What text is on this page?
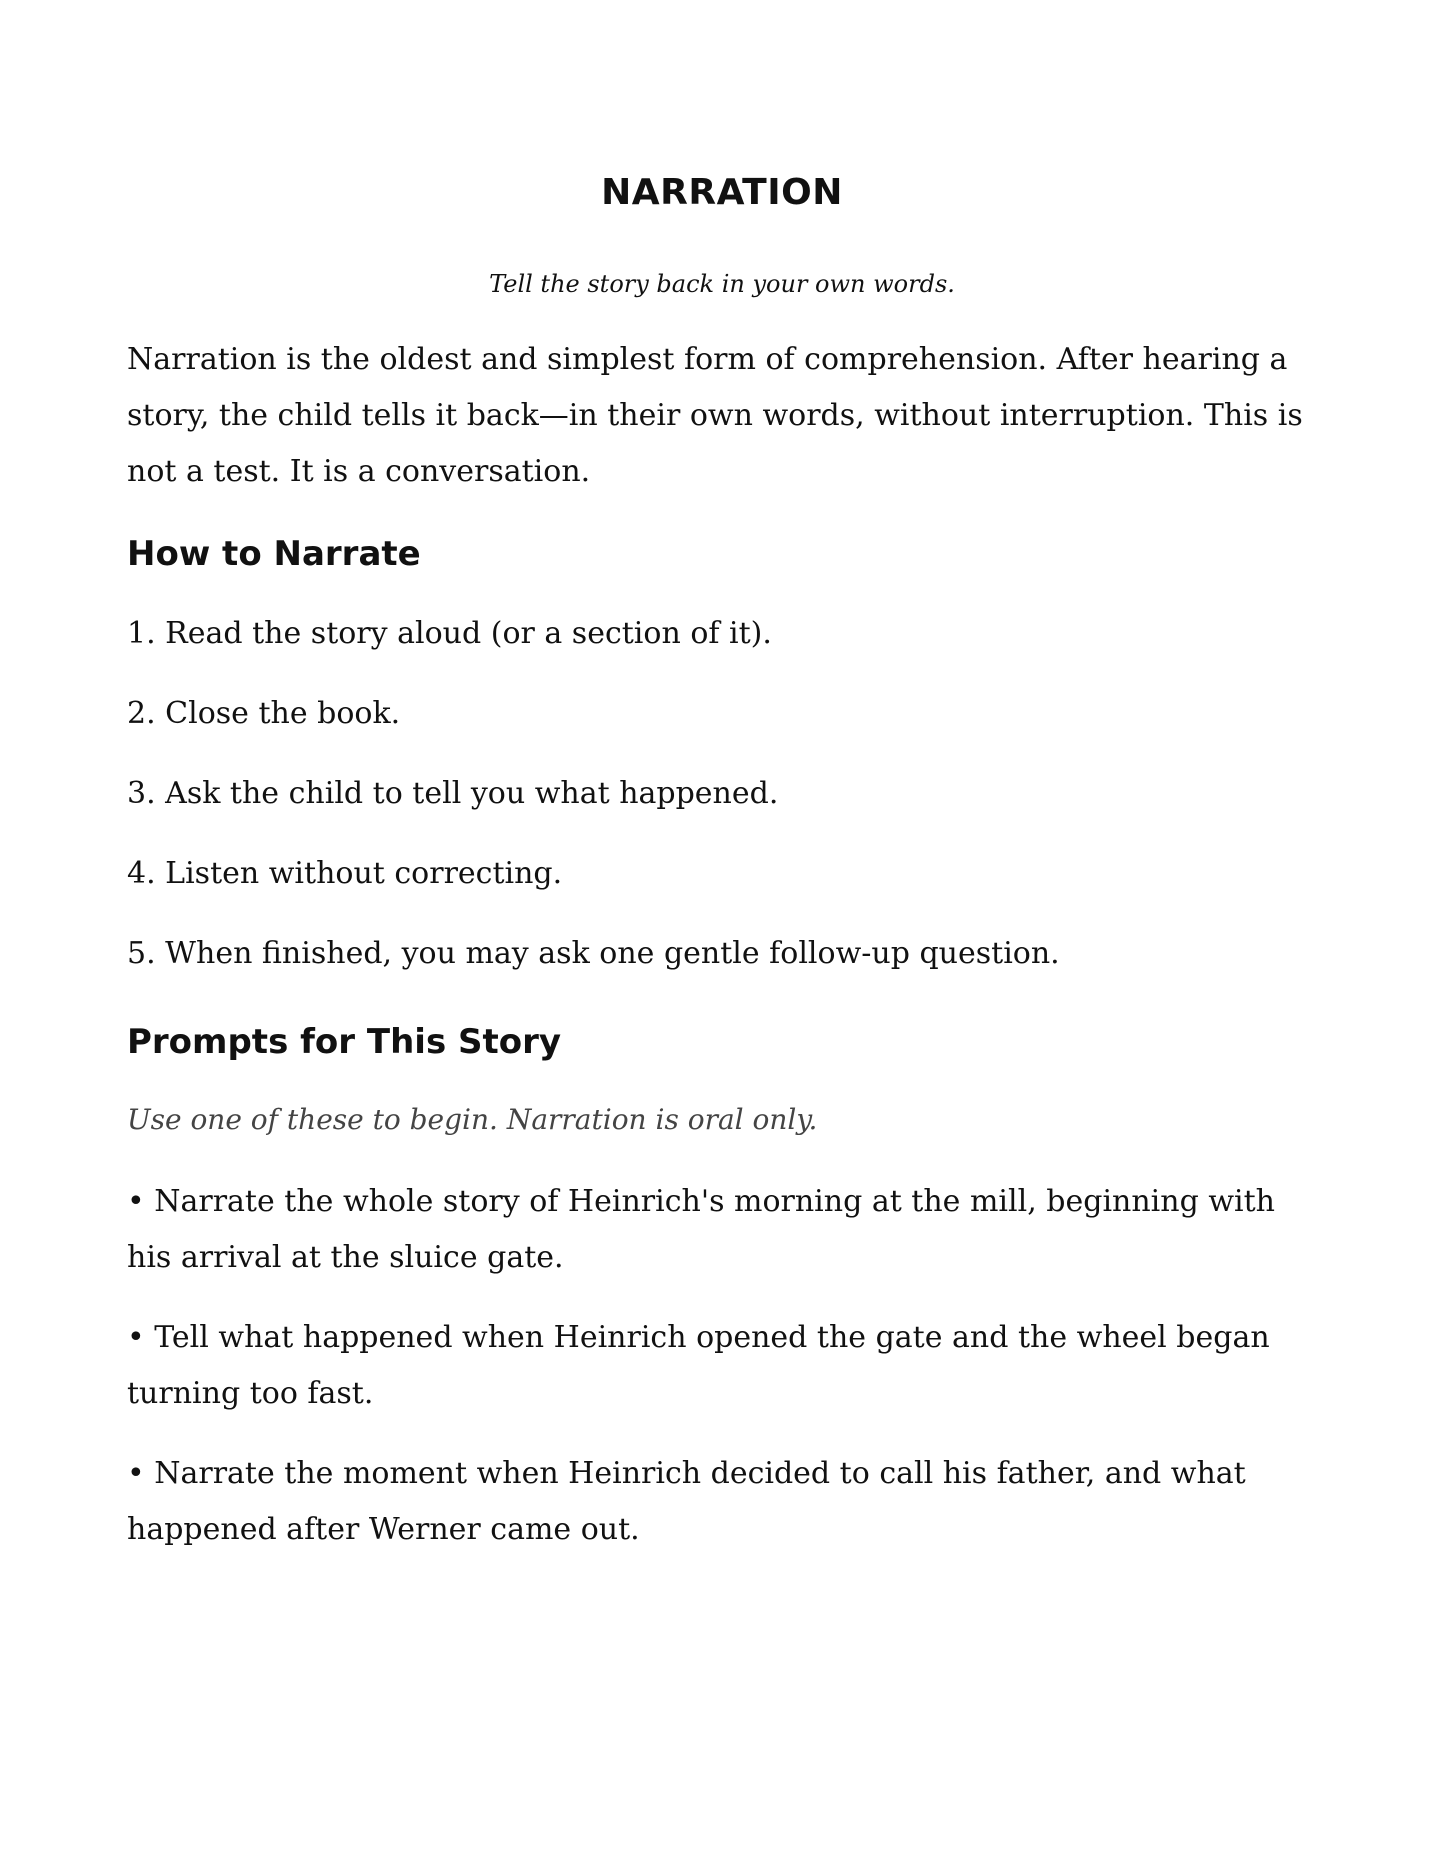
NARRATION

Tell the story back in your own words.

Narration is the oldest and simplest form of comprehension. After hearing a story, the child tells it back—in their own words, without interruption. This is not a test. It is a conversation.

How to Narrate
1. Read the story aloud (or a section of it).
2. Close the book.
3. Ask the child to tell you what happened.
4. Listen without correcting.
5. When finished, you may ask one gentle follow-up question.
Prompts for This Story

Use one of these to begin. Narration is oral only.

• Narrate the whole story of Heinrich's morning at the mill, beginning with his arrival at the sluice gate.
• Tell what happened when Heinrich opened the gate and the wheel began turning too fast.
• Narrate the moment when Heinrich decided to call his father, and what happened after Werner came out.
